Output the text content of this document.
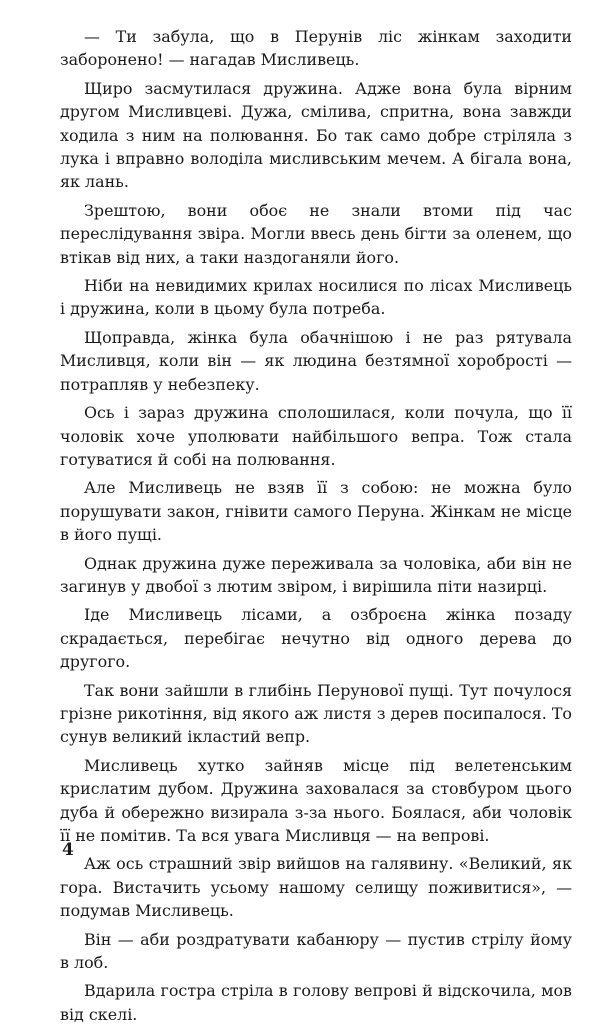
— Ти забула, що в Перунів ліс жінкам заходити заборонено! — нагадав Мисливець.

Щиро засмутилася дружина. Адже вона була вірним другом Мисливцеві. Дужа, смілива, спритна, вона завжди ходила з ним на полювання. Бо так само добре стріляла з лука і вправно володіла мисливським мечем. А бігала вона, як лань.

Зрештою, вони обоє не знали втоми під час переслідування звіра. Могли ввесь день бігти за оленем, що втікав від них, а таки наздоганяли його.

Ніби на невидимих крилах носилися по лісах Мисливець і дружина, коли в цьому була потреба.

Щоправда, жінка була обачнішою і не раз рятувала Мисливця, коли він — як людина безтямної хоробрості — потрапляв у небезпеку.

Ось і зараз дружина сполошилася, коли почула, що її чоловік хоче уполювати найбільшого вепра. Тож стала готуватися й собі на полювання.

Але Мисливець не взяв її з собою: не можна було порушувати закон, гнівити самого Перуна. Жінкам не місце в його пущі.

Однак дружина дуже переживала за чоловіка, аби він не загинув у двобої з лютим звіром, і вирішила піти назирці.

Іде Мисливець лісами, а озброєна жінка позаду скрадається, перебігає нечутно від одного дерева до другого.

Так вони зайшли в глибінь Перунової пущі. Тут почулося грізне рикотіння, від якого аж листя з дерев посипалося. То сунув великий ікластий вепр.

Мисливець хутко зайняв місце під велетенським крислатим дубом. Дружина заховалася за стовбуром цього дуба й обережно визирала з-за нього. Боялася, аби чоловік її не помітив. Та вся увага Мисливця — на вепрові.

Аж ось страшний звір вийшов на галявину. «Великий, як гора. Вистачить усьому нашому селищу поживитися», — подумав Мисливець.

Він — аби роздратувати кабанюру — пустив стрілу йому в лоб.

Вдарила гостра стріла в голову вепрові й відскочила, мов від скелі.

4
